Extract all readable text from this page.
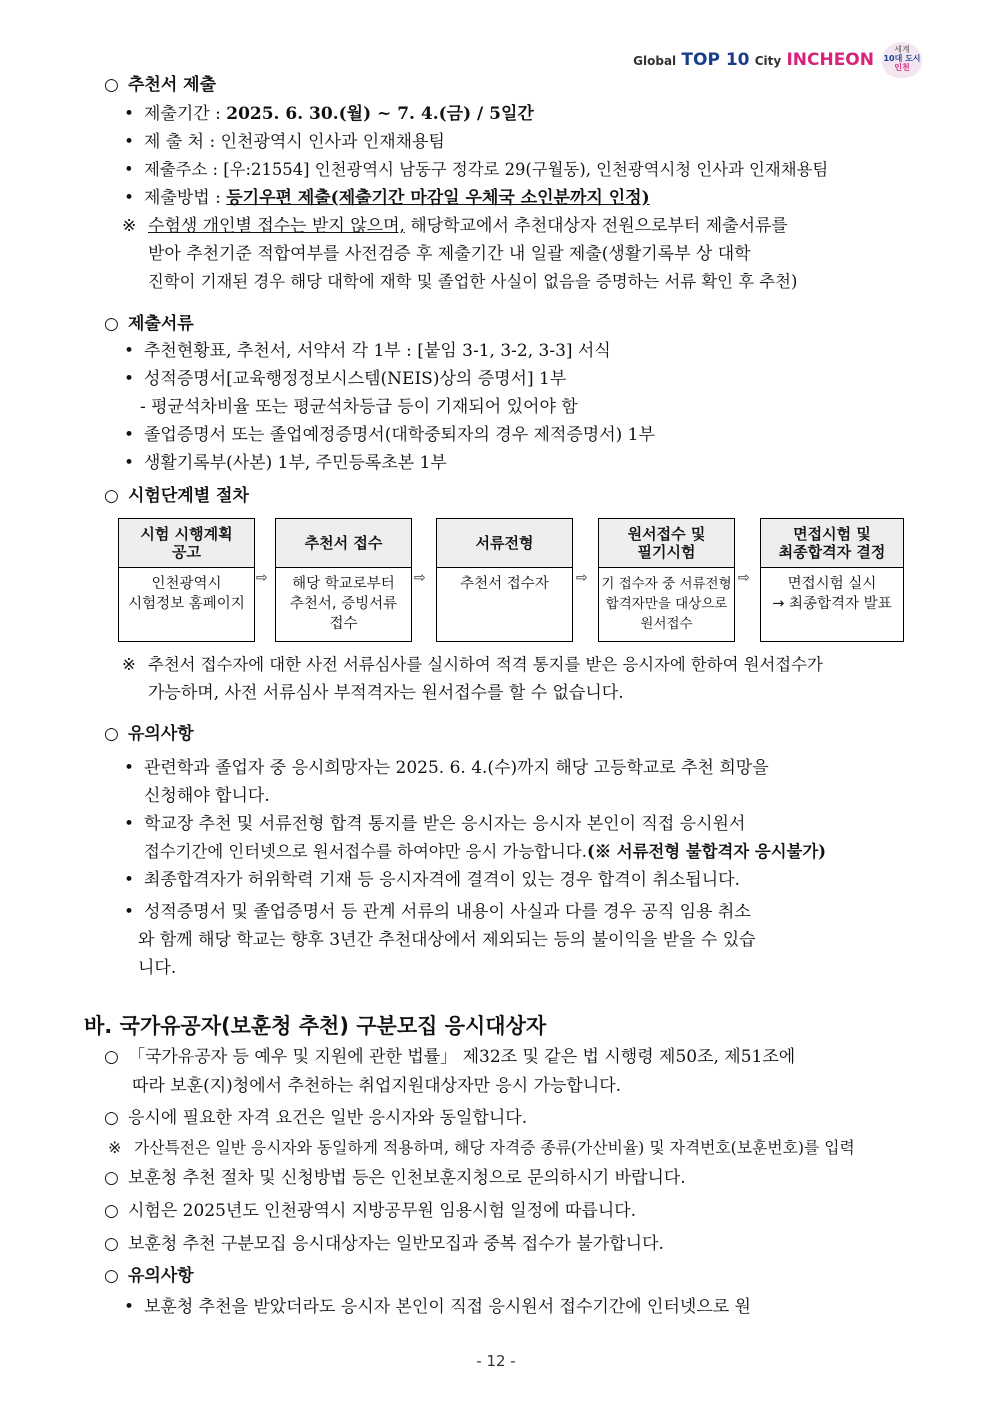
Global TOP 10 City INCHEON
세계
10대 도시
인천
○ 추천서 제출
• 제출기간 : 2025. 6. 30.(월) ~ 7. 4.(금) / 5일간
• 제 출 처 : 인천광역시 인사과 인재채용팀
• 제출주소 : [우:21554] 인천광역시 남동구 정각로 29(구월동), 인천광역시청 인사과 인재채용팀
• 제출방법 : 등기우편 제출(제출기간 마감일 우체국 소인분까지 인정)
※ 수험생 개인별 접수는 받지 않으며, 해당학교에서 추천대상자 전원으로부터 제출서류를
받아 추천기준 적합여부를 사전검증 후 제출기간 내 일괄 제출(생활기록부 상 대학
진학이 기재된 경우 해당 대학에 재학 및 졸업한 사실이 없음을 증명하는 서류 확인 후 추천)
○ 제출서류
• 추천현황표, 추천서, 서약서 각 1부 : [붙임 3-1, 3-2, 3-3] 서식
• 성적증명서[교육행정정보시스템(NEIS)상의 증명서] 1부
- 평균석차비율 또는 평균석차등급 등이 기재되어 있어야 함
• 졸업증명서 또는 졸업예정증명서(대학중퇴자의 경우 제적증명서) 1부
• 생활기록부(사본) 1부, 주민등록초본 1부
○ 시험단계별 절차
시험 시행계획
공고
인천광역시
시험정보 홈페이지
⇨
추천서 접수
해당 학교로부터
추천서, 증빙서류
접수
⇨
서류전형
추천서 접수자	⇨
원서접수 및
필기시험
기 접수자 중 서류전형
합격자만을 대상으로
원서접수
⇨
면접시험 및
최종합격자 결정
면접시험 실시
→ 최종합격자 발표
※ 추천서 접수자에 대한 사전 서류심사를 실시하여 적격 통지를 받은 응시자에 한하여 원서접수가
가능하며, 사전 서류심사 부적격자는 원서접수를 할 수 없습니다.
○ 유의사항
• 관련학과 졸업자 중 응시희망자는 2025. 6. 4.(수)까지 해당 고등학교로 추천 희망을
신청해야 합니다.
• 학교장 추천 및 서류전형 합격 통지를 받은 응시자는 응시자 본인이 직접 응시원서
접수기간에 인터넷으로 원서접수를 하여야만 응시 가능합니다.(※ 서류전형 불합격자 응시불가)
• 최종합격자가 허위학력 기재 등 응시자격에 결격이 있는 경우 합격이 취소됩니다.
• 성적증명서 및 졸업증명서 등 관계 서류의 내용이 사실과 다를 경우 공직 임용 취소
와 함께 해당 학교는 향후 3년간 추천대상에서 제외되는 등의 불이익을 받을 수 있습
니다.
바. 국가유공자(보훈청 추천) 구분모집 응시대상자
○ 「국가유공자 등 예우 및 지원에 관한 법률」 제32조 및 같은 법 시행령 제50조, 제51조에
따라 보훈(지)청에서 추천하는 취업지원대상자만 응시 가능합니다.
○ 응시에 필요한 자격 요건은 일반 응시자와 동일합니다.
※ 가산특전은 일반 응시자와 동일하게 적용하며, 해당 자격증 종류(가산비율) 및 자격번호(보훈번호)를 입력
○ 보훈청 추천 절차 및 신청방법 등은 인천보훈지청으로 문의하시기 바랍니다.
○ 시험은 2025년도 인천광역시 지방공무원 임용시험 일정에 따릅니다.
○ 보훈청 추천 구분모집 응시대상자는 일반모집과 중복 접수가 불가합니다.
○ 유의사항
• 보훈청 추천을 받았더라도 응시자 본인이 직접 응시원서 접수기간에 인터넷으로 원
- 12 -
